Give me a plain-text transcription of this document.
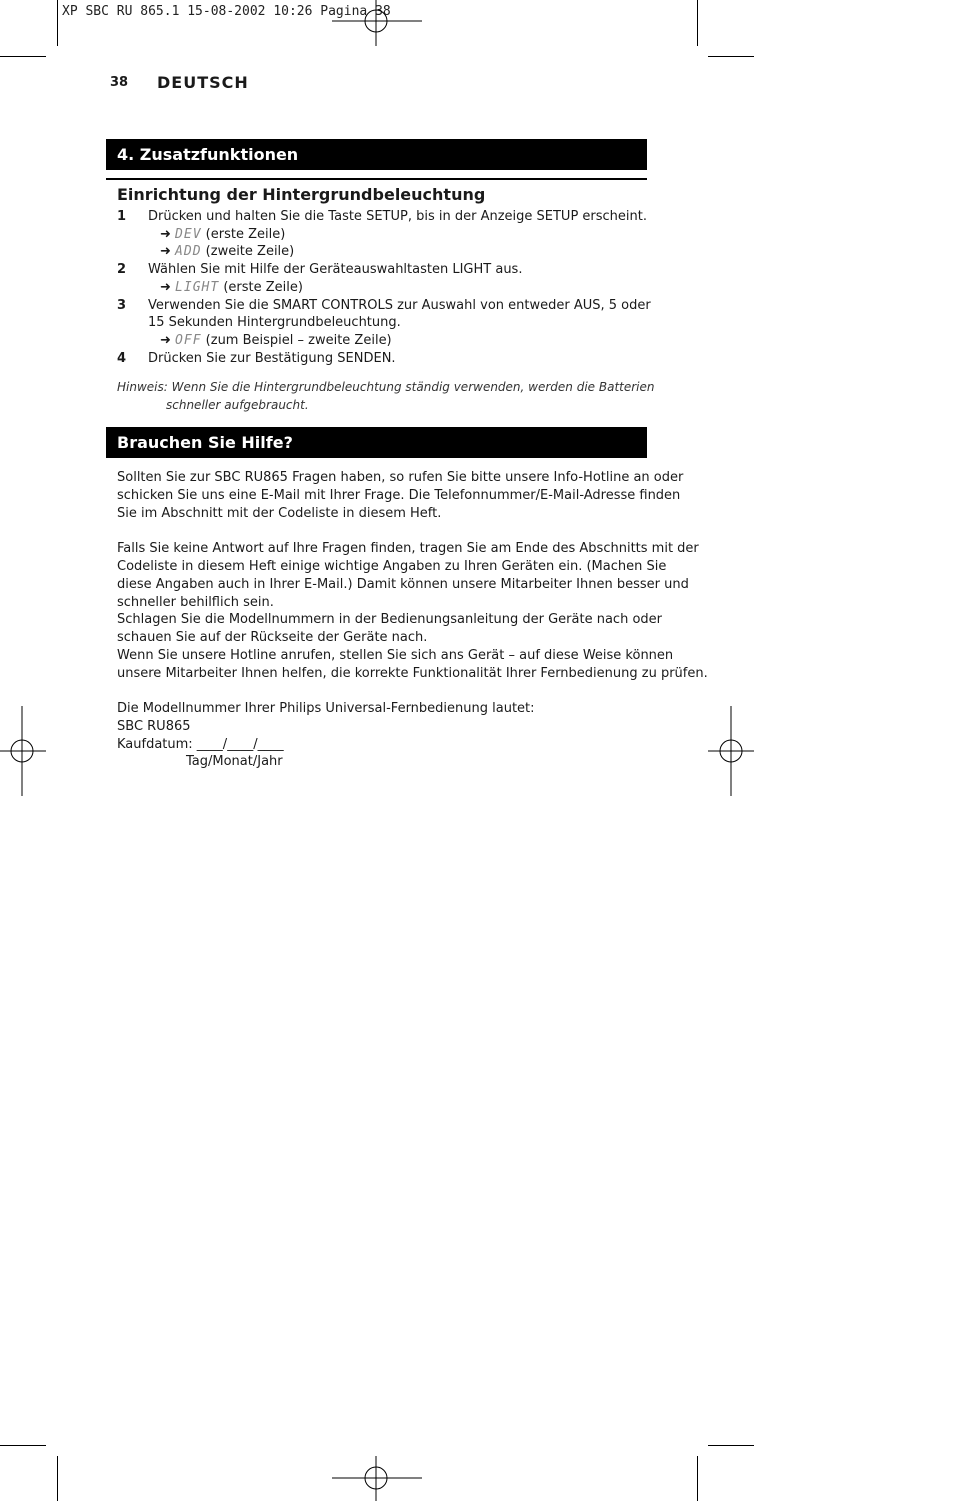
XP SBC RU 865.1 15-08-2002 10:26 Pagina 38
38 DEUTSCH
4. Zusatzfunktionen
Einrichtung der Hintergrundbeleuchtung
1 Drücken und halten Sie die Taste SETUP, bis in der Anzeige SETUP erscheint.
➜ DEV (erste Zeile)
➜ ADD (zweite Zeile)
2 Wählen Sie mit Hilfe der Geräteauswahltasten LIGHT aus.
➜ LIGHT (erste Zeile)
3 Verwenden Sie die SMART CONTROLS zur Auswahl von entweder AUS, 5 oder
15 Sekunden Hintergrundbeleuchtung.
➜ OFF (zum Beispiel – zweite Zeile)
4 Drücken Sie zur Bestätigung SENDEN.
Hinweis: Wenn Sie die Hintergrundbeleuchtung ständig verwenden, werden die Batterien
schneller aufgebraucht.
Brauchen Sie Hilfe?
Sollten Sie zur SBC RU865 Fragen haben, so rufen Sie bitte unsere Info-Hotline an oder
schicken Sie uns eine E-Mail mit Ihrer Frage. Die Telefonnummer/E-Mail-Adresse finden
Sie im Abschnitt mit der Codeliste in diesem Heft.
Falls Sie keine Antwort auf Ihre Fragen finden, tragen Sie am Ende des Abschnitts mit der
Codeliste in diesem Heft einige wichtige Angaben zu Ihren Geräten ein. (Machen Sie
diese Angaben auch in Ihrer E-Mail.) Damit können unsere Mitarbeiter Ihnen besser und
schneller behilflich sein.
Schlagen Sie die Modellnummern in der Bedienungsanleitung der Geräte nach oder
schauen Sie auf der Rückseite der Geräte nach.
Wenn Sie unsere Hotline anrufen, stellen Sie sich ans Gerät – auf diese Weise können
unsere Mitarbeiter Ihnen helfen, die korrekte Funktionalität Ihrer Fernbedienung zu prüfen.
Die Modellnummer Ihrer Philips Universal-Fernbedienung lautet:
SBC RU865
Kaufdatum: ____/____/____
Tag/Monat/Jahr
